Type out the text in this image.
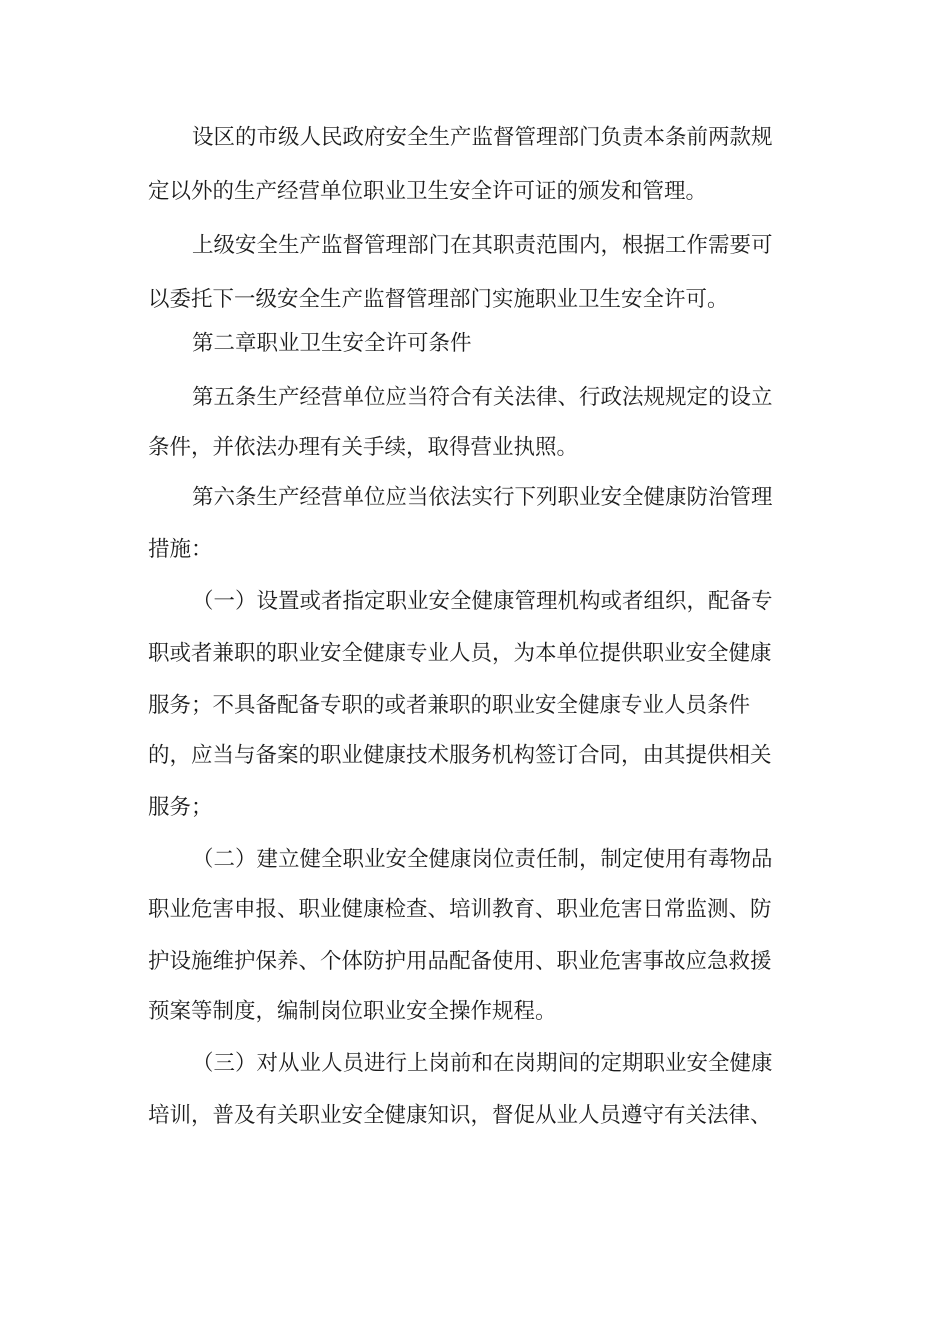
设区的市级人民政府安全生产监督管理部门负责本条前两款规
定以外的生产经营单位职业卫生安全许可证的颁发和管理。
上级安全生产监督管理部门在其职责范围内，根据工作需要可
以委托下一级安全生产监督管理部门实施职业卫生安全许可。
第二章职业卫生安全许可条件
第五条生产经营单位应当符合有关法律、行政法规规定的设立
条件，并依法办理有关手续，取得营业执照。
第六条生产经营单位应当依法实行下列职业安全健康防治管理
措施：
（一）设置或者指定职业安全健康管理机构或者组织，配备专
职或者兼职的职业安全健康专业人员，为本单位提供职业安全健康
服务；不具备配备专职的或者兼职的职业安全健康专业人员条件
的，应当与备案的职业健康技术服务机构签订合同，由其提供相关
服务；
（二）建立健全职业安全健康岗位责任制，制定使用有毒物品
职业危害申报、职业健康检查、培训教育、职业危害日常监测、防
护设施维护保养、个体防护用品配备使用、职业危害事故应急救援
预案等制度，编制岗位职业安全操作规程。
（三）对从业人员进行上岗前和在岗期间的定期职业安全健康
培训，普及有关职业安全健康知识，督促从业人员遵守有关法律、
